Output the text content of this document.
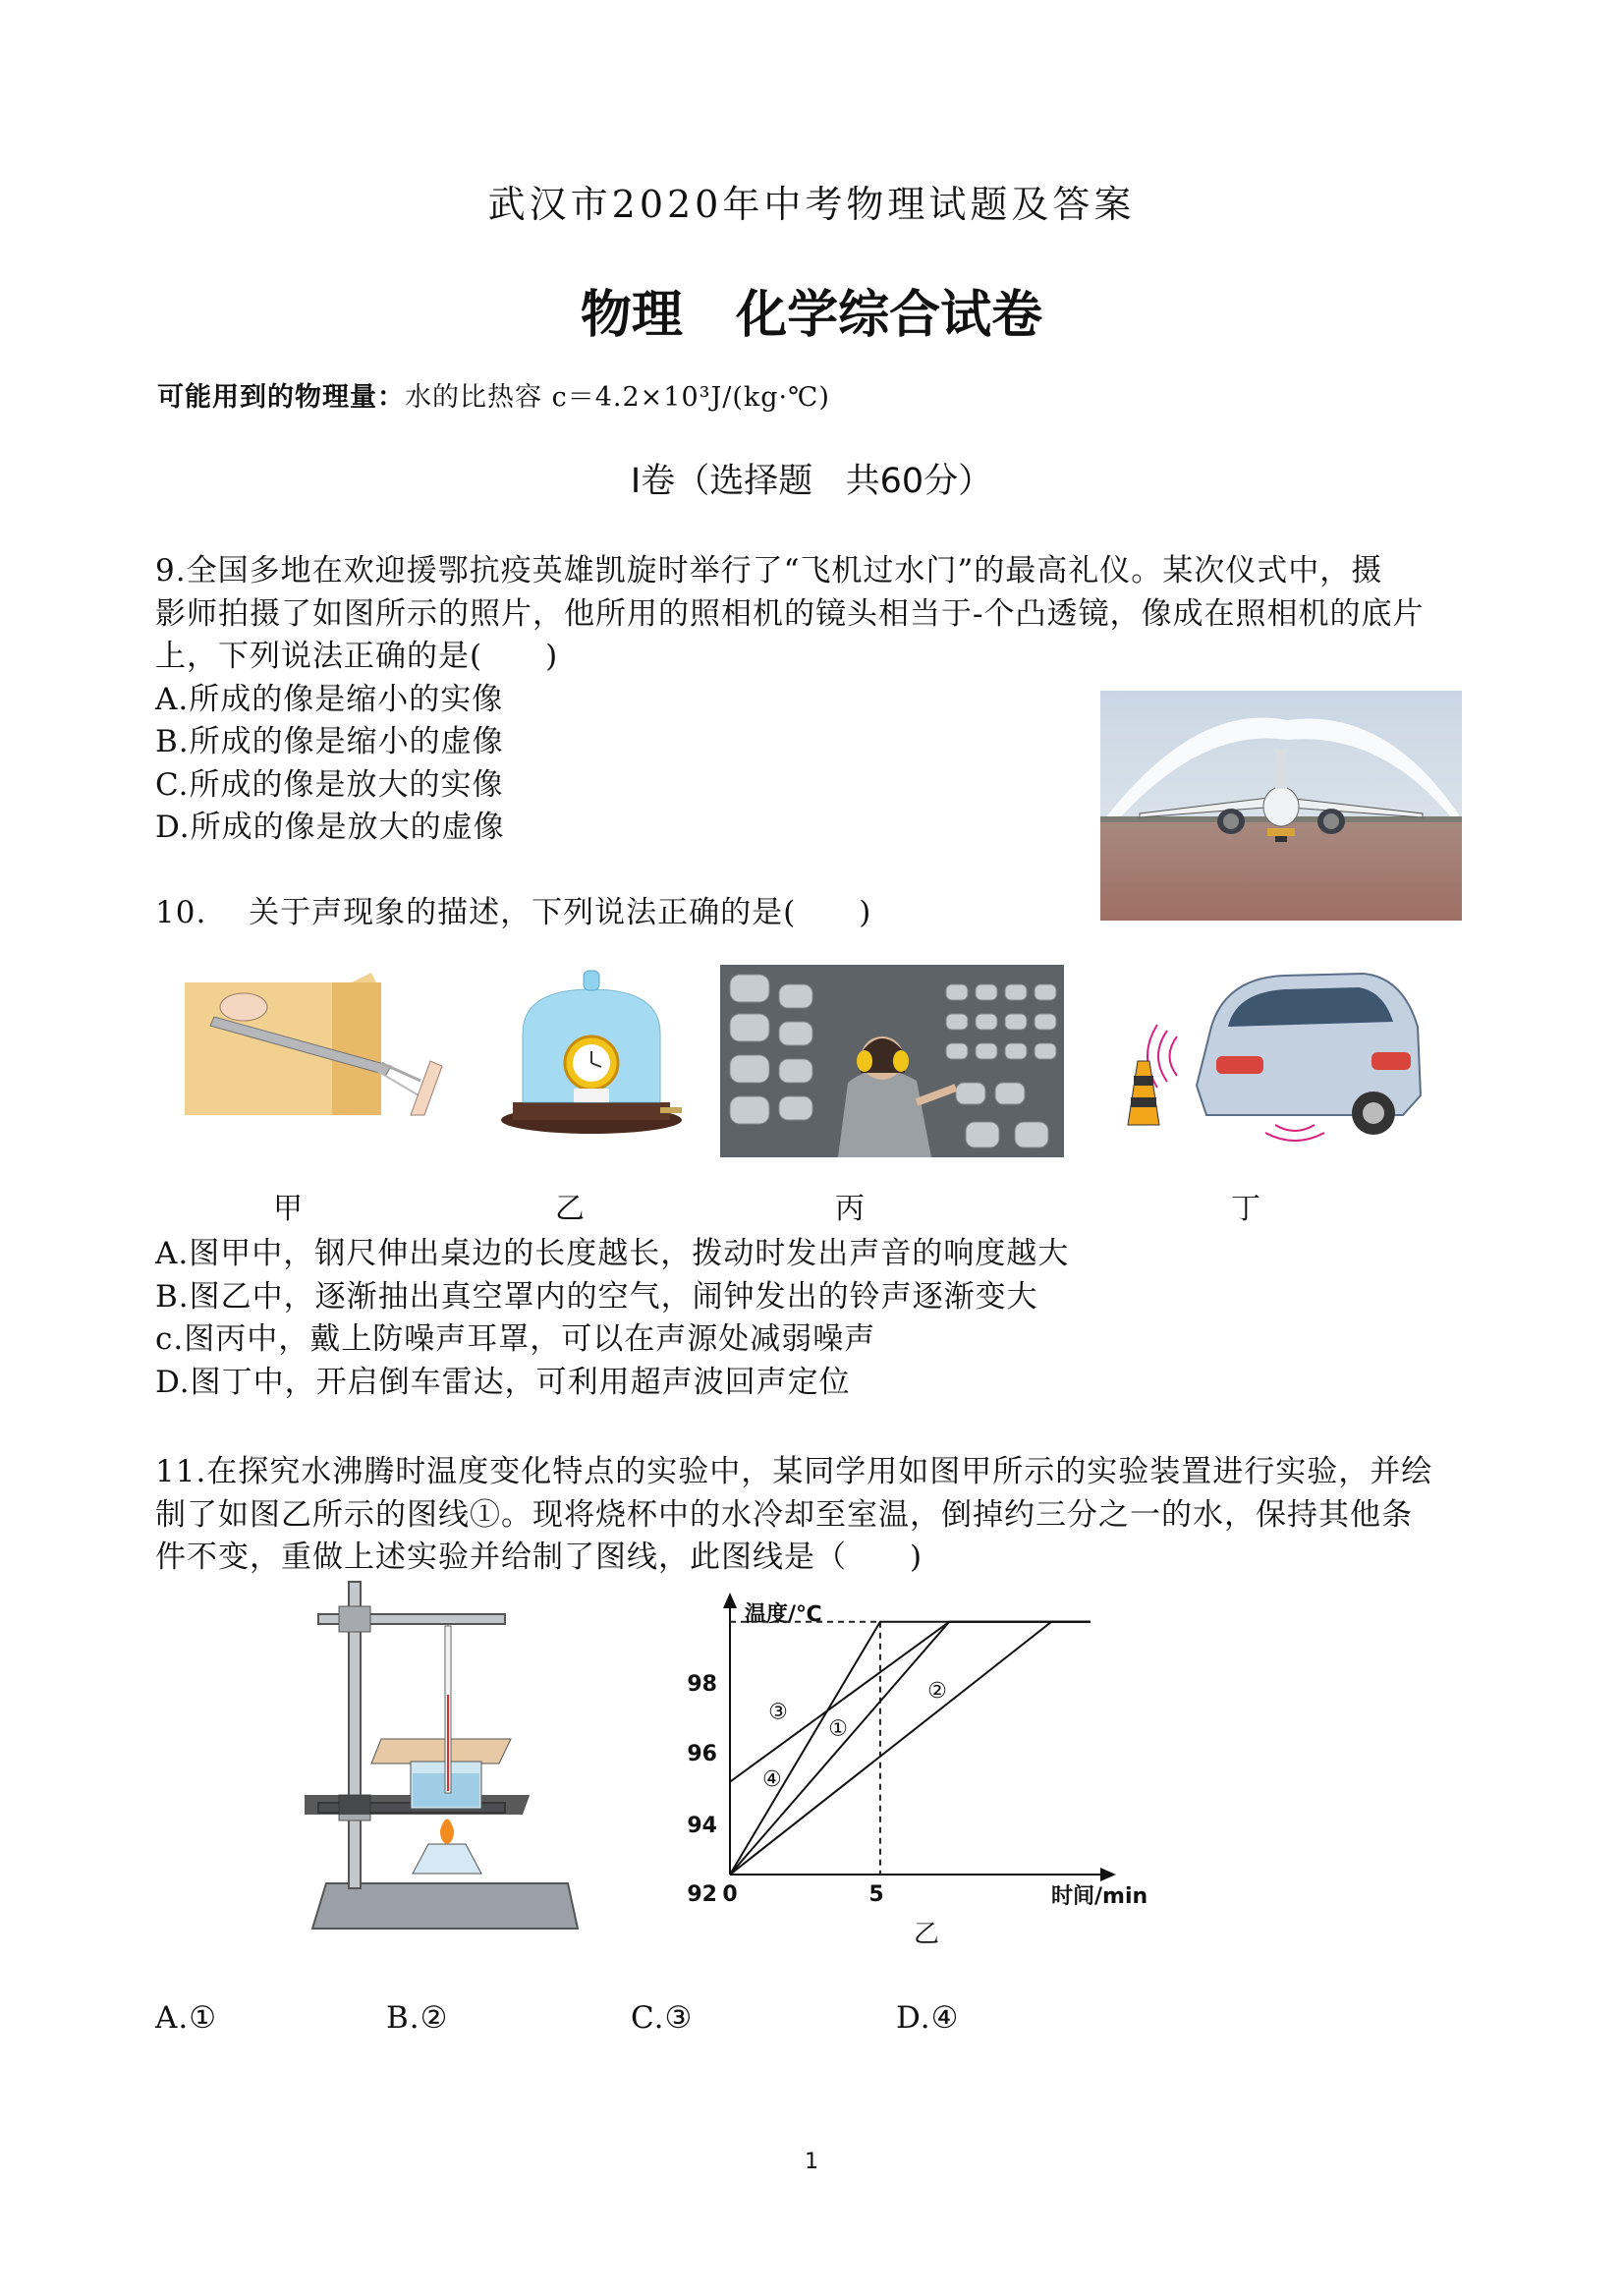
武汉市2020年中考物理试题及答案
物理   化学综合试卷
可能用到的物理量：水的比热容 c＝4.2×10³J/(kg·℃)
Ⅰ卷（选择题   共60分）
9.全国多地在欢迎援鄂抗疫英雄凯旋时举行了“飞机过水门”的最高礼仪。某次仪式中，摄
影师拍摄了如图所示的照片，他所用的照相机的镜头相当于-个凸透镜，像成在照相机的底片
上，下列说法正确的是(　　)
A.所成的像是缩小的实像
B.所成的像是缩小的虚像
C.所成的像是放大的实像
D.所成的像是放大的虚像
10.　 关于声现象的描述，下列说法正确的是(　　)
甲	乙	丙	丁
A.图甲中，钢尺伸出桌边的长度越长，拨动时发出声音的响度越大
B.图乙中，逐渐抽出真空罩内的空气，闹钟发出的铃声逐渐变大
c.图丙中，戴上防噪声耳罩，可以在声源处减弱噪声
D.图丁中，开启倒车雷达，可利用超声波回声定位
11.在探究水沸腾时温度变化特点的实验中，某同学用如图甲所示的实验装置进行实验，并绘
制了如图乙所示的图线①。现将烧杯中的水冷却至室温，倒掉约三分之一的水，保持其他条
件不变，重做上述实验并给制了图线，此图线是（　　)
温度/℃
时间/min
92
94
96
98
0	5
乙
③
①
②
④
A.①	B.②	C.③	D.④
1
